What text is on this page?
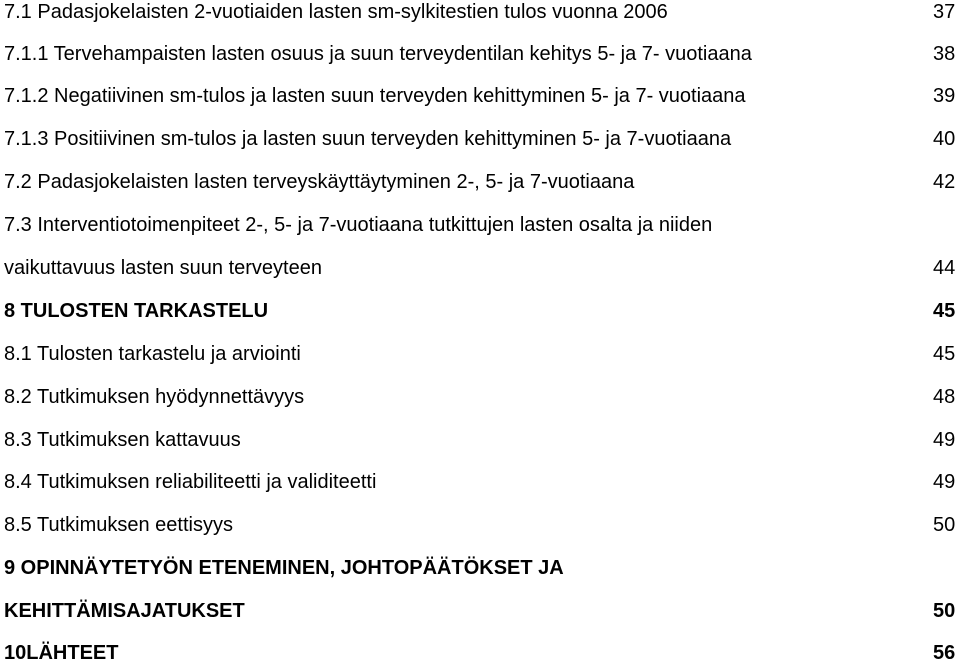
7.1 Padasjokelaisten 2-vuotiaiden lasten sm-sylkitestien tulos vuonna 2006	37
7.1.1 Tervehampaisten lasten osuus ja suun terveydentilan kehitys 5- ja 7- vuotiaana	38
7.1.2 Negatiivinen sm-tulos ja lasten suun terveyden kehittyminen 5- ja 7- vuotiaana	39
7.1.3 Positiivinen sm-tulos ja lasten suun terveyden kehittyminen 5- ja 7-vuotiaana	40
7.2 Padasjokelaisten lasten terveyskäyttäytyminen 2-, 5- ja 7-vuotiaana	42
7.3 Interventiotoimenpiteet 2-, 5- ja 7-vuotiaana tutkittujen lasten osalta ja niiden
vaikuttavuus lasten suun terveyteen	44
8 TULOSTEN TARKASTELU	45
8.1 Tulosten tarkastelu ja arviointi	45
8.2 Tutkimuksen hyödynnettävyys	48
8.3 Tutkimuksen kattavuus	49
8.4 Tutkimuksen reliabiliteetti ja validiteetti	49
8.5 Tutkimuksen eettisyys	50
9 OPINNÄYTETYÖN ETENEMINEN, JOHTOPÄÄTÖKSET JA
KEHITTÄMISAJATUKSET	50
10LÄHTEET	56
